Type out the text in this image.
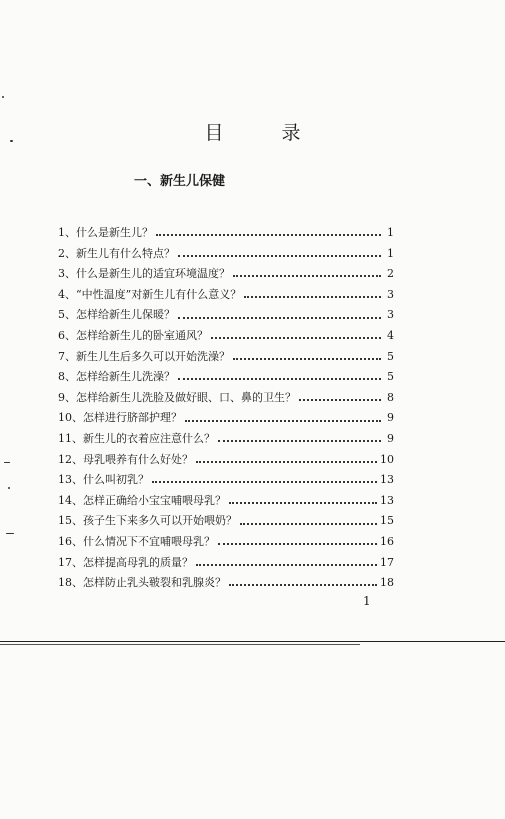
目 录
一、新生儿保健
1、什么是新生儿？	1
2、新生儿有什么特点？	1
3、什么是新生儿的适宜环境温度？	2
4、“中性温度”对新生儿有什么意义？	3
5、怎样给新生儿保暖？	3
6、怎样给新生儿的卧室通风？	4
7、新生儿生后多久可以开始洗澡？	5
8、怎样给新生儿洗澡？	5
9、怎样给新生儿洗脸及做好眼、口、鼻的卫生？	8
10、怎样进行脐部护理？	9
11、新生儿的衣着应注意什么？	9
12、母乳喂养有什么好处？	10
13、什么叫初乳？	13
14、怎样正确给小宝宝哺喂母乳？	13
15、孩子生下来多久可以开始喂奶？	15
16、什么情况下不宜哺喂母乳？	16
17、怎样提高母乳的质量？	17
18、怎样防止乳头皲裂和乳腺炎？	18
1
